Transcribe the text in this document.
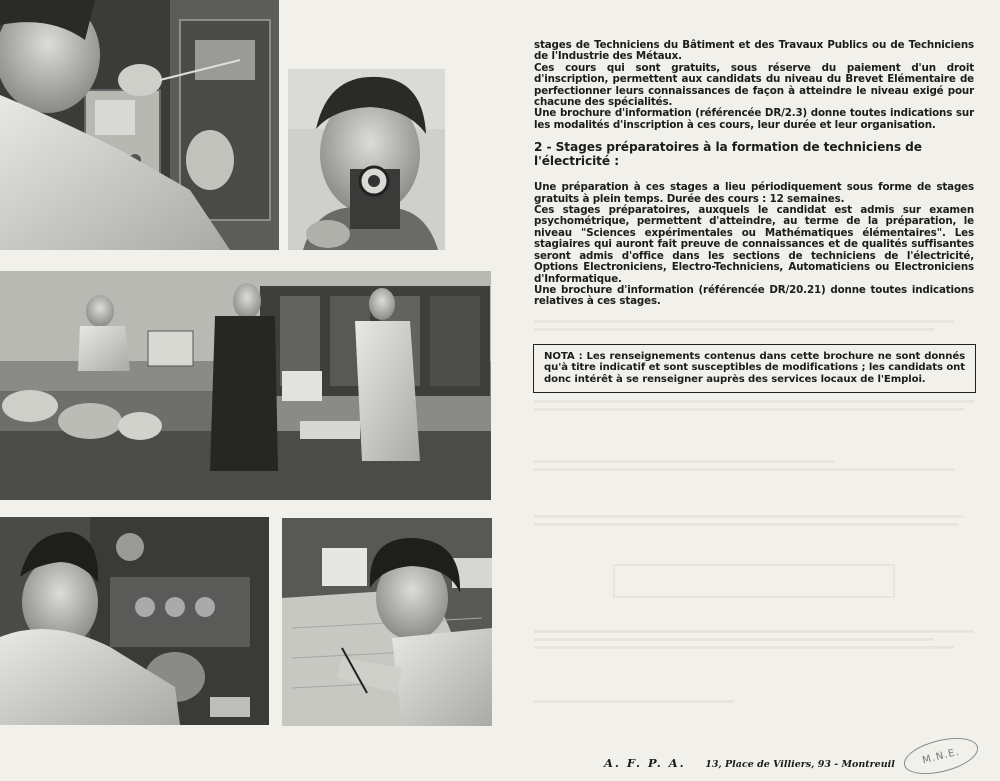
stages de Techniciens du Bâtiment et des Travaux Publics ou de Techniciens de l'Industrie des Métaux.

Ces cours qui sont gratuits, sous réserve du paiement d'un droit d'inscription, permettent aux candidats du niveau du Brevet Elémentaire de perfectionner leurs connaissances de façon à atteindre le niveau exigé pour chacune des spécialités.

Une brochure d'information (référencée DR/2.3) donne toutes indications sur les modalités d'inscription à ces cours, leur durée et leur organisation.

2 - Stages préparatoires à la formation de techniciens de l'électricité :

Une préparation à ces stages a lieu périodiquement sous forme de stages gratuits à plein temps. Durée des cours : 12 semaines.

Ces stages préparatoires, auxquels le candidat est admis sur examen psychométrique, permettent d'atteindre, au terme de la préparation, le niveau "Sciences expérimentales ou Mathématiques élémentaires". Les stagiaires qui auront fait preuve de connaissances et de qualités suffisantes seront admis d'office dans les sections de techniciens de l'électricité, Options Electroniciens, Electro-Techniciens, Automaticiens ou Electroniciens d'Informatique.

Une brochure d'information (référencée DR/20.21) donne toutes indications relatives à ces stages.

NOTA : Les renseignements contenus dans cette brochure ne sont donnés qu'à titre indicatif et sont susceptibles de modifications ; les candidats ont donc intérêt à se renseigner auprès des services locaux de l'Emploi.
A. F. P. A. 13, Place de Villiers, 93 - Montreuil	M.N.E.
